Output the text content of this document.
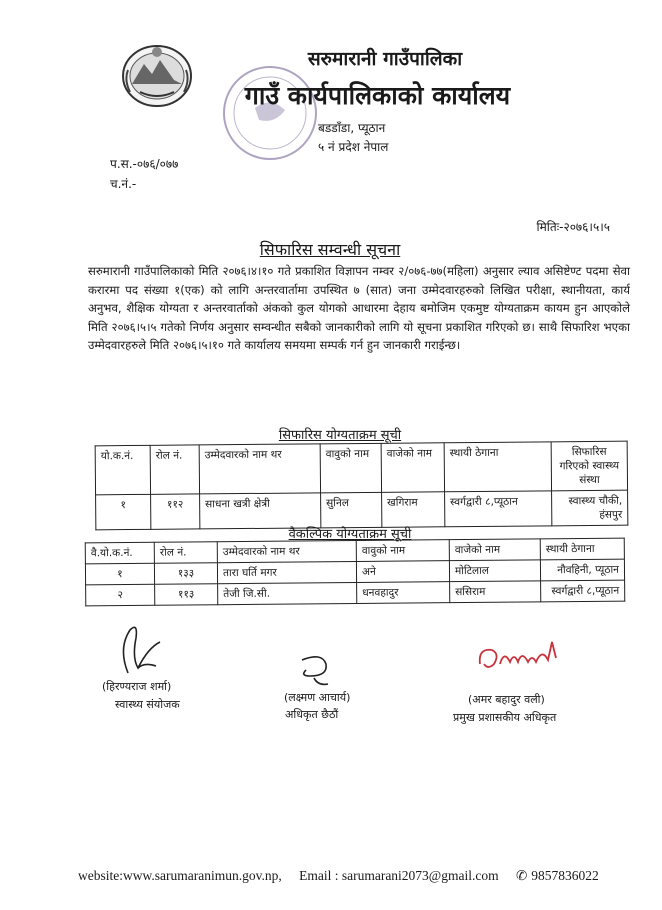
सरुमारानी गाउँपालिका
गाउँ कार्यपालिकाको कार्यालय
बडडाँडा, प्यूठान
५ नं प्रदेश नेपाल
प.स.-०७६/०७७
च.नं.-
मितिः-२०७६।५।५
सिफारिस सम्वन्धी सूचना
सरुमारानी गाउँपालिकाको मिति २०७६।४।१० गते प्रकाशित विज्ञापन नम्वर २/०७६-७७(महिला) अनुसार ल्याव असिष्टेण्ट पदमा सेवा करारमा पद संख्या १(एक) को लागि अन्तरवार्तामा उपस्थित ७ (सात) जना उम्मेदवारहरुको लिखित परीक्षा, स्थानीयता, कार्य अनुभव, शैक्षिक योग्यता र अन्तरवार्ताको अंकको कुल योगको आधारमा देहाय बमोजिम एकमुष्ट योग्यताक्रम कायम हुन आएकोले मिति २०७६।५।५ गतेको निर्णय अनुसार सम्वन्धीत सबैको जानकारीको लागि यो सूचना प्रकाशित गरिएको छ। साथै सिफारिश भएका उम्मेदवारहरुले मिति २०७६।५।१० गते कार्यालय समयमा सम्पर्क गर्न हुन जानकारी गराईन्छ।
सिफारिस योग्यताक्रम सूची
यो.क.नं.	रोल नं.	उम्मेदवारको नाम थर	वावुको नाम	वाजेको नाम	स्थायी ठेगाना	सिफारिस गरिएको स्वास्थ्य संस्था
१	११२	साधना खत्री क्षेत्री	सुनिल	खगिराम	स्वर्गद्वारी ८,प्यूठान	स्वास्थ्य चौकी, हंसपुर
वैकल्पिक योग्यताक्रम सूची
वै.यो.क.नं.	रोल नं.	उम्मेदवारको नाम थर	वावुको नाम	वाजेको नाम	स्थायी ठेगाना
१	१३३	तारा घर्ति मगर	अने	मोटिलाल	नौवहिनी, प्यूठान
२	११३	तेजी जि.सी.	धनवहादुर	ससिराम	स्वर्गद्वारी ८,प्यूठान
(हिरण्यराज शर्मा)
स्वास्थ्य संयोजक
(लक्ष्मण आचार्य)
अधिकृत छैठौं
(अमर बहादुर वली)
प्रमुख प्रशासकीय अधिकृत
website:www.sarumaranimun.gov.np, Email : sarumarani2073@gmail.com ✆ 9857836022
